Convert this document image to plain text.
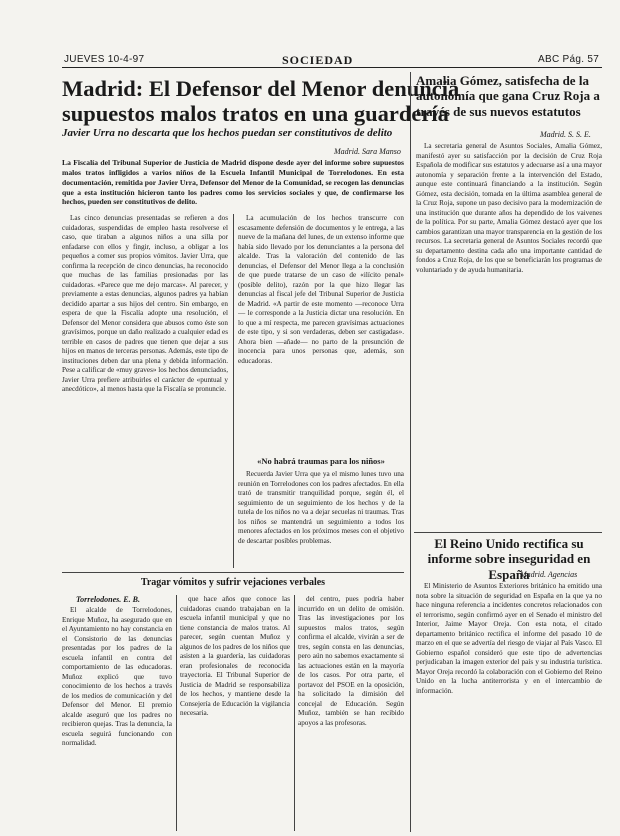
JUEVES 10-4-97	SOCIEDAD	ABC Pág. 57
Madrid: El Defensor del Menor denuncia
supuestos malos tratos en una guardería
Javier Urra no descarta que los hechos puedan ser constitutivos de delito
Madrid. Sara Manso
La Fiscalía del Tribunal Superior de Justicia de Madrid dispone desde ayer del informe sobre supuestos malos tratos infligidos a varios niños de la Escuela Infantil Municipal de Torrelodones. En esta documentación, remitida por Javier Urra, Defensor del Menor de la Comunidad, se recogen las denuncias que a esta institución hicieron tanto los padres como los servicios sociales y que, de confirmarse los hechos, pueden ser constitutivos de delito.

Las cinco denuncias presentadas se refieren a dos cuidadoras, suspendidas de empleo hasta resolverse el caso, que tiraban a algunos niños a una silla por enfadarse con ellos y fingir, incluso, a obligar a los pequeños a comer sus propios vómitos. Javier Urra, que confirma la recepción de cinco denuncias, ha reconocido que muchas de las familias presionadas por las cuidadoras. «Parece que me dejo marcas». Al parecer, y previamente a estas denuncias, algunos padres ya habían decidido apartar a sus hijos del centro. Sin embargo, en espera de que la Fiscalía adopte una resolución, el Defensor del Menor considera que abusos como éste son gravísimos, porque un daño realizado a cualquier edad es terrible en casos de padres que tienen que dejar a sus hijos en manos de terceras personas. Además, este tipo de instituciones deben dar una plena y debida información. Pese a calificar de «muy graves» los hechos denunciados, Javier Urra prefiere atribuirles el carácter de «puntual y anecdótico», al menos hasta que la Fiscalía se pronuncie.

La acumulación de los hechos transcurre con escasamente defensión de documentos y le entrega, a las nueve de la mañana del lunes, de un extenso informe que había sido llevado por los denunciantes a la persona del alcalde. Tras la valoración del contenido de las denuncias, el Defensor del Menor llega a la conclusión de que puede tratarse de un caso de «ilícito penal» (posible delito), razón por la que hizo llegar las denuncias al fiscal jefe del Tribunal Superior de Justicia de Madrid. «A partir de este momento —reconoce Urra— le corresponde a la Justicia dictar una resolución. En lo que a mí respecta, me parecen gravísimas actuaciones de este tipo, y si son verdaderas, deben ser castigadas». Ahora bien —añade— no parto de la presunción de inocencia para unos personas que, además, son educadoras.

«No habrá traumas para los niños»

Recuerda Javier Urra que ya el mismo lunes tuvo una reunión en Torrelodones con los padres afectados. En ella trató de transmitir tranquilidad porque, según él, el seguimiento de un seguimiento de los hechos y de la tutela de los niños no va a dejar secuelas ni traumas. Tras los niños se mantendrá un seguimiento a todos los menores afectados en los próximos meses con el objetivo de descartar posibles problemas.

Tragar vómitos y sufrir vejaciones verbales
Torrelodones. E. B.

El alcalde de Torrelodones, Enrique Muñoz, ha asegurado que en el Ayuntamiento no hay constancia en el Consistorio de las denuncias presentadas por los padres de la escuela infantil en contra del comportamiento de las educadoras. Muñoz explicó que tuvo conocimiento de los hechos a través de los medios de comunicación y del Defensor del Menor. El premio alcalde aseguró que los padres no recibieron quejas. Tras la denuncia, la escuela seguirá funcionando con normalidad.

que hace años que conoce las cuidadoras cuando trabajaban en la escuela infantil municipal y que no tiene constancia de malos tratos. Al parecer, según cuentan Muñoz y algunos de los padres de los niños que asisten a la guardería, las cuidadoras eran profesionales de reconocida trayectoria. El Tribunal Superior de Justicia de Madrid se responsabiliza de los hechos, y mantiene desde la Consejería de Educación la vigilancia necesaria.

del centro, pues podría haber incurrido en un delito de omisión. Tras las investigaciones por los supuestos malos tratos, según confirma el alcalde, vivirán a ser de tres, según consta en las denuncias, pero aún no sabemos exactamente si las actuaciones están en la mayoría de los casos. Por otra parte, el portavoz del PSOE en la oposición, ha solicitado la dimisión del concejal de Educación. Según Muñoz, también se han recibido apoyos a las profesoras.

Amalia Gómez, satisfecha de la autonomía que gana Cruz Roja a través de sus nuevos estatutos
Madrid. S. S. E.

La secretaria general de Asuntos Sociales, Amalia Gómez, manifestó ayer su satisfacción por la decisión de Cruz Roja Española de modificar sus estatutos y adecuarse así a una mayor autonomía y separación frente a la intervención del Estado, aunque este continuará financiando a la institución. Según Gómez, esta decisión, tomada en la última asamblea general de la Cruz Roja, supone un paso decisivo para la modernización de una institución que durante años ha dependido de los vaivenes de la política. Por su parte, Amalia Gómez destacó ayer que los cambios garantizan una mayor transparencia en la gestión de los recursos. La secretaria general de Asuntos Sociales recordó que su departamento destina cada año una importante cantidad de fondos a Cruz Roja, de los que se beneficiarán los programas de voluntariado y de ayuda humanitaria.

El Reino Unido rectifica su informe sobre inseguridad en España
Madrid. Agencias

El Ministerio de Asuntos Exteriores británico ha emitido una nota sobre la situación de seguridad en España en la que ya no hace ninguna referencia a incidentes concretos relacionados con el terrorismo, según confirmó ayer en el Senado el ministro del Interior, Jaime Mayor Oreja. Con esta nota, el citado departamento británico rectifica el informe del pasado 10 de marzo en el que se advertía del riesgo de viajar al País Vasco. El Gobierno español consideró que este tipo de advertencias perjudicaban la imagen exterior del país y su industria turística. Mayor Oreja recordó la colaboración con el Gobierno del Reino Unido en la lucha antiterrorista y en el intercambio de información.
